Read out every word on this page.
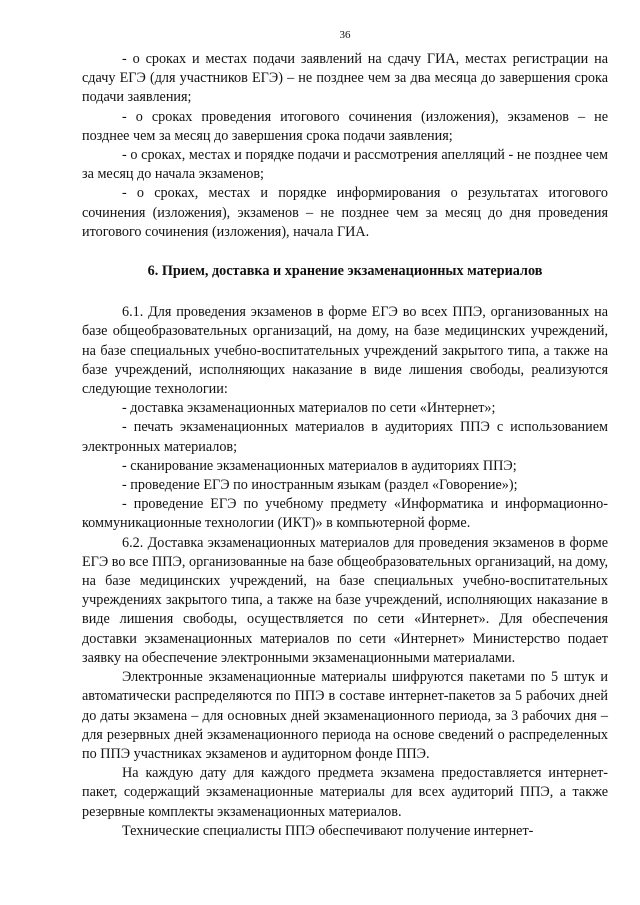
36

- о сроках и местах подачи заявлений на сдачу ГИА, местах регистрации на сдачу ЕГЭ (для участников ЕГЭ) – не позднее чем за два месяца до завершения срока подачи заявления;

- о сроках проведения итогового сочинения (изложения), экзаменов – не позднее чем за месяц до завершения срока подачи заявления;

- о сроках, местах и порядке подачи и рассмотрения апелляций - не позднее чем за месяц до начала экзаменов;

- о сроках, местах и порядке информирования о результатах итогового сочинения (изложения), экзаменов – не позднее чем за месяц до дня проведения итогового сочинения (изложения), начала ГИА.

6. Прием, доставка и хранение экзаменационных материалов

6.1. Для проведения экзаменов в форме ЕГЭ во всех ППЭ, организованных на базе общеобразовательных организаций, на дому, на базе медицинских учреждений, на базе специальных учебно-воспитательных учреждений закрытого типа, а также на базе учреждений, исполняющих наказание в виде лишения свободы, реализуются следующие технологии:

- доставка экзаменационных материалов по сети «Интернет»;

- печать экзаменационных материалов в аудиториях ППЭ с использованием электронных материалов;

- сканирование экзаменационных материалов в аудиториях ППЭ;

- проведение ЕГЭ по иностранным языкам (раздел «Говорение»);

- проведение ЕГЭ по учебному предмету «Информатика и информационно-коммуникационные технологии (ИКТ)» в компьютерной форме.

6.2. Доставка экзаменационных материалов для проведения экзаменов в форме ЕГЭ во все ППЭ, организованные на базе общеобразовательных организаций, на дому, на базе медицинских учреждений, на базе специальных учебно-воспитательных учреждениях закрытого типа, а также на базе учреждений, исполняющих наказание в виде лишения свободы, осуществляется по сети «Интернет». Для обеспечения доставки экзаменационных материалов по сети «Интернет» Министерство подает заявку на обеспечение электронными экзаменационными материалами.

Электронные экзаменационные материалы шифруются пакетами по 5 штук и автоматически распределяются по ППЭ в составе интернет-пакетов за 5 рабочих дней до даты экзамена – для основных дней экзаменационного периода, за 3 рабочих дня – для резервных дней экзаменационного периода на основе сведений о распределенных по ППЭ участниках экзаменов и аудиторном фонде ППЭ.

На каждую дату для каждого предмета экзамена предоставляется интернет-пакет, содержащий экзаменационные материалы для всех аудиторий ППЭ, а также резервные комплекты экзаменационных материалов.

Технические специалисты ППЭ обеспечивают получение интернет-
